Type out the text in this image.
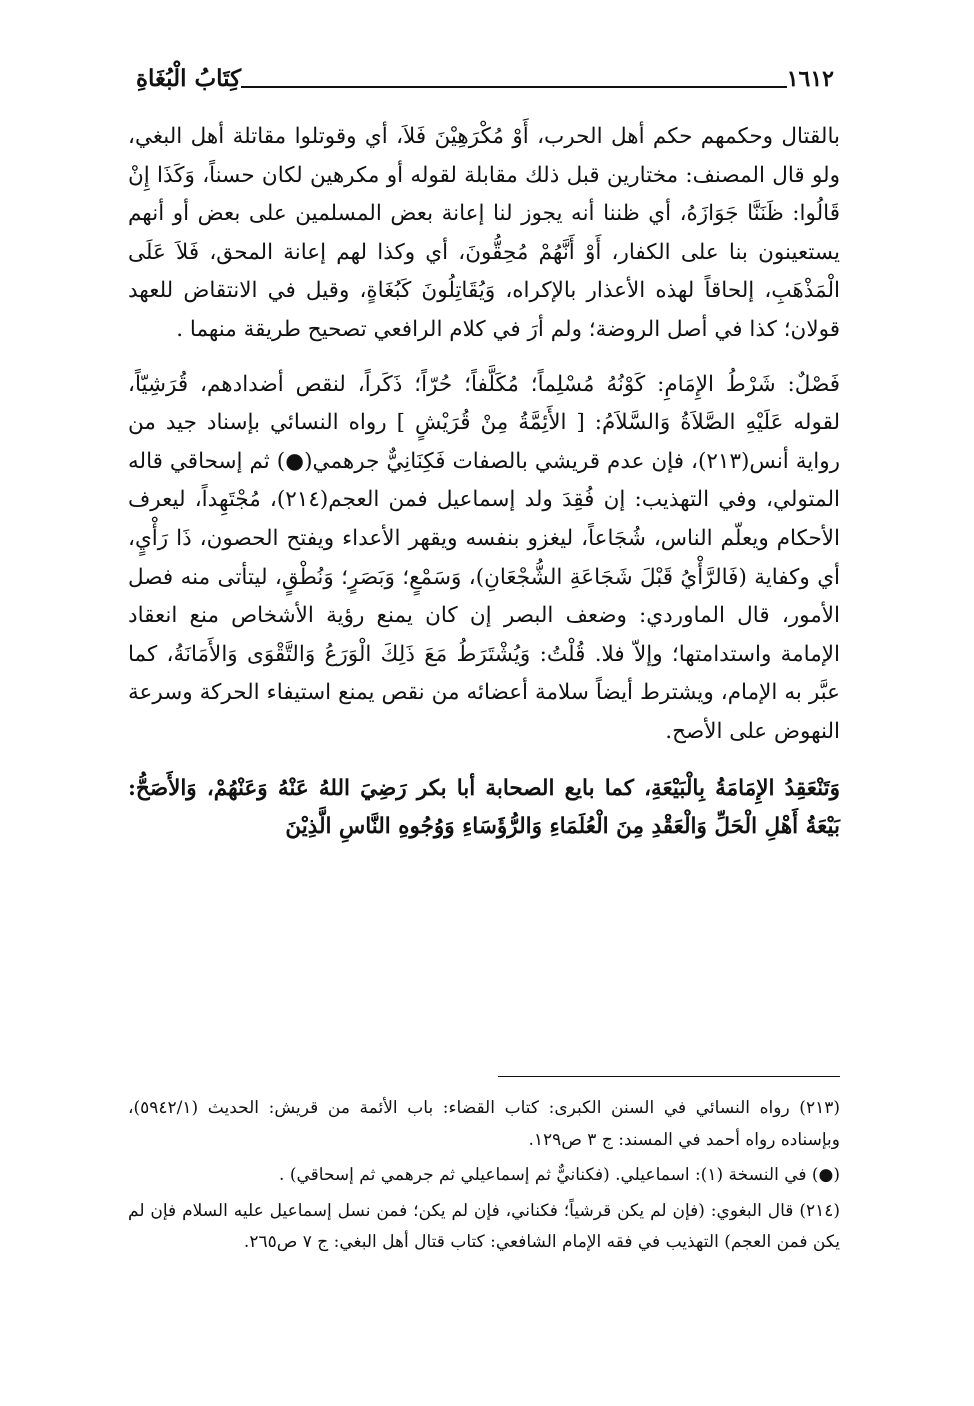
١٦١٢
كِتَابُ الْبُغَاةِ

بالقتال وحكمهم حكم أهل الحرب، أَوْ مُكْرَهِيْنَ فَلاَ، أي وقوتلوا مقاتلة أهل البغي، ولو قال المصنف: مختارين قبل ذلك مقابلة لقوله أو مكرهين لكان حسناً، وَكَذَا إِنْ قَالُوا: ظَنَنَّا جَوَازَهُ، أي ظننا أنه يجوز لنا إعانة بعض المسلمين على بعض أو أنهم يستعينون بنا على الكفار، أَوْ أَنَّهُمْ مُحِقُّونَ، أي وكذا لهم إعانة المحق، فَلاَ عَلَى الْمَذْهَبِ، إلحاقاً لهذه الأعذار بالإكراه، وَيُقَاتِلُونَ كَبُغَاةٍ، وقيل في الانتقاض للعهد قولان؛ كذا في أصل الروضة؛ ولم أرَ في كلام الرافعي تصحيح طريقة منهما .

فَصْلٌ: شَرْطُ الإِمَامِ: كَوْنُهُ مُسْلِماً؛ مُكَلَّفاً؛ حُرّاً؛ ذَكَراً، لنقص أضدادهم، قُرَشِيّاً، لقوله عَلَيْهِ الصَّلاَةُ وَالسَّلاَمُ: [ الأَئِمَّةُ مِنْ قُرَيْشٍ ] رواه النسائي بإسناد جيد من رواية أنس(٢١٣)، فإن عدم قريشي بالصفات فَكِنَانِيٌّ جرهمي(●) ثم إسحاقي قاله المتولي، وفي التهذيب: إن فُقِدَ ولد إسماعيل فمن العجم(٢١٤)، مُجْتَهِداً، ليعرف الأحكام ويعلّم الناس، شُجَاعاً، ليغزو بنفسه ويقهر الأعداء ويفتح الحصون، ذَا رَأْيٍ، أي وكفاية (فَالرَّأْيُ قَبْلَ شَجَاعَةِ الشُّجْعَانِ)، وَسَمْعٍ؛ وَبَصَرٍ؛ وَنُطْقٍ، ليتأتى منه فصل الأمور، قال الماوردي: وضعف البصر إن كان يمنع رؤية الأشخاص منع انعقاد الإمامة واستدامتها؛ وإلاّ فلا. قُلْتُ: وَيُشْتَرَطُ مَعَ ذَلِكَ الْوَرَعُ وَالتَّقْوَى وَالأَمَانَةُ، كما عبَّر به الإمام، ويشترط أيضاً سلامة أعضائه من نقص يمنع استيفاء الحركة وسرعة النهوض على الأصح.

وَتَنْعَقِدُ الإِمَامَةُ بِالْبَيْعَةِ، كما بايع الصحابة أبا بكر رَضِيَ اللهُ عَنْهُ وَعَنْهُمْ، وَالأَصَحُّ: بَيْعَةُ أَهْلِ الْحَلِّ وَالْعَقْدِ مِنَ الْعُلَمَاءِ وَالرُّؤَسَاءِ وَوُجُوهِ النَّاسِ الَّذِيْنَ

(٢١٣) رواه النسائي في السنن الكبرى: كتاب القضاء: باب الأئمة من قريش: الحديث (٥٩٤٢/١)، وبإسناده رواه أحمد في المسند: ج ٣ ص١٢٩.

(●) في النسخة (١): اسماعيلي. (فكنانيٌّ ثم إسماعيلي ثم جرهمي ثم إسحاقي) .

(٢١٤) قال البغوي: (فإن لم يكن قرشياً؛ فكناني، فإن لم يكن؛ فمن نسل إسماعيل عليه السلام فإن لم يكن فمن العجم) التهذيب في فقه الإمام الشافعي: كتاب قتال أهل البغي: ج ٧ ص٢٦٥.
